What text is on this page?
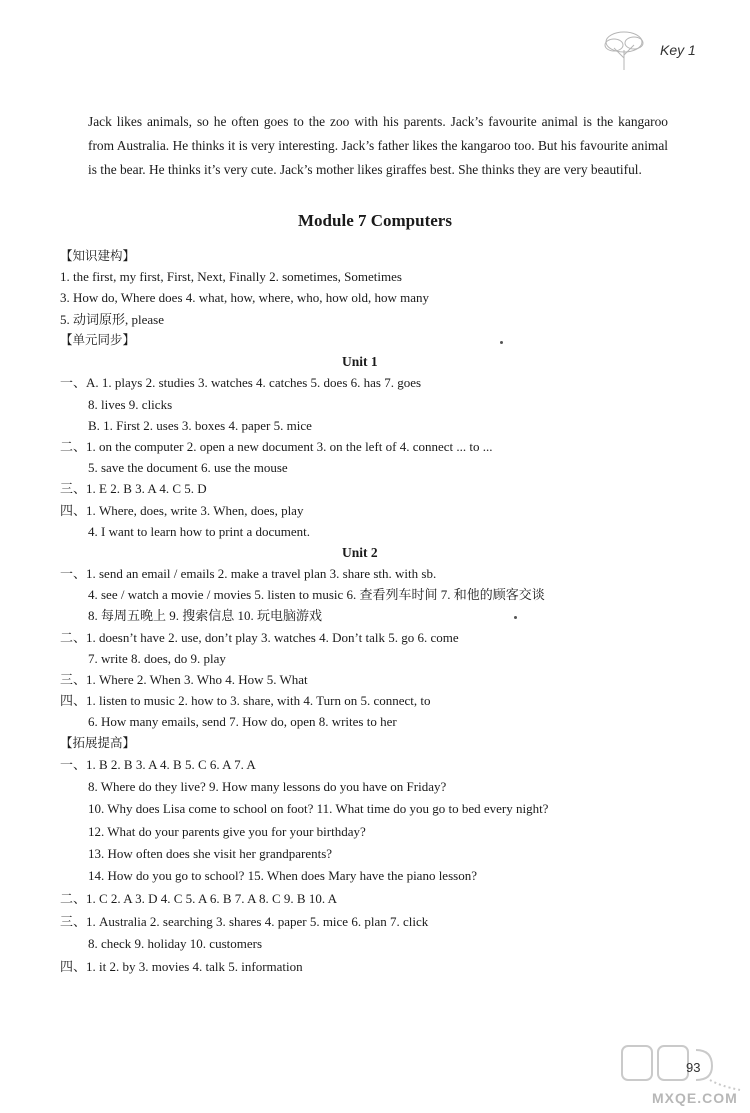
Key 1
Jack likes animals, so he often goes to the zoo with his parents. Jack’s favourite animal is the kangaroo from Australia. He thinks it is very interesting. Jack’s father likes the kangaroo too. But his favourite animal is the bear. He thinks it’s very cute. Jack’s mother likes giraffes best. She thinks they are very beautiful.
Module 7 Computers
【知识建构】
1. the first, my first, First, Next, Finally 2. sometimes, Sometimes
3. How do, Where does 4. what, how, where, who, how old, how many
5. 动词原形, please
【单元同步】
Unit 1
一、A. 1. plays 2. studies 3. watches 4. catches 5. does 6. has 7. goes
8. lives 9. clicks
B. 1. First 2. uses 3. boxes 4. paper 5. mice
二、1. on the computer 2. open a new document 3. on the left of 4. connect ... to ...
5. save the document 6. use the mouse
三、1. E 2. B 3. A 4. C 5. D
四、1. Where, does, write 3. When, does, play
4. I want to learn how to print a document.
Unit 2
一、1. send an email / emails 2. make a travel plan 3. share sth. with sb.
4. see / watch a movie / movies 5. listen to music 6. 查看列车时间 7. 和他的顾客交谈
8. 每周五晚上 9. 搜索信息 10. 玩电脑游戏
二、1. doesn’t have 2. use, don’t play 3. watches 4. Don’t talk 5. go 6. come
7. write 8. does, do 9. play
三、1. Where 2. When 3. Who 4. How 5. What
四、1. listen to music 2. how to 3. share, with 4. Turn on 5. connect, to
6. How many emails, send 7. How do, open 8. writes to her
【拓展提高】
一、1. B 2. B 3. A 4. B 5. C 6. A 7. A
8. Where do they live? 9. How many lessons do you have on Friday?
10. Why does Lisa come to school on foot? 11. What time do you go to bed every night?
12. What do your parents give you for your birthday?
13. How often does she visit her grandparents?
14. How do you go to school? 15. When does Mary have the piano lesson?
二、1. C 2. A 3. D 4. C 5. A 6. B 7. A 8. C 9. B 10. A
三、1. Australia 2. searching 3. shares 4. paper 5. mice 6. plan 7. click
8. check 9. holiday 10. customers
四、1. it 2. by 3. movies 4. talk 5. information
93
MXQE.COM
